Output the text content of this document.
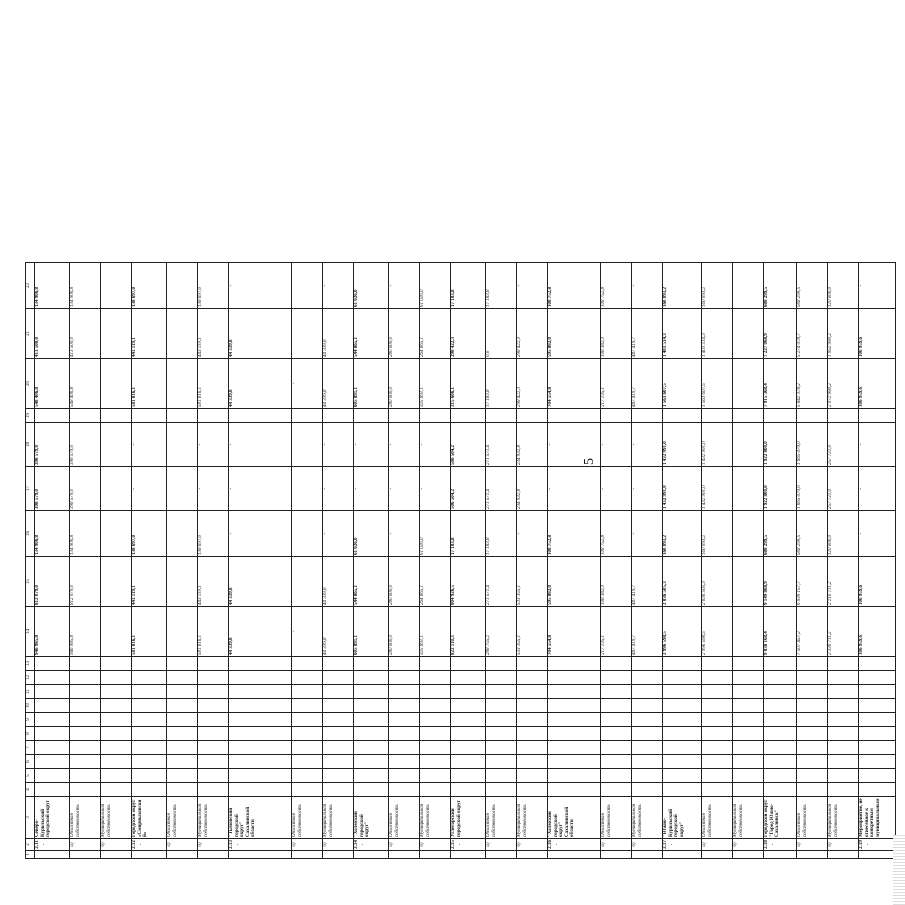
5
1	2	3	4	5	6	7	8	9	10	11	12	13	14	15	16	17	18	19	20	21	22
	2.11.	Северо-Курильский городской округ											946 985,8	812 079,0	134 906,8	398 579,0	398 579,0		548 406,8	413 500,0	134 906,8
	а)	Областная собственность											946 985,8	812 079,0	134 906,8	398 579,0	398 579,0		548 406,8	413 500,0	134 906,8
	б)	Муниципальная собственность																			
	2.12.	Городской округ «Смирныховский»											581 816,1	443 119,1	138 697,0	-	-		581 816,1	443 119,1	138 697,0
	а)	Областная собственность																			
	б)	Муниципальная собственность											581 816,1	443 119,1	138 697,0	-	-		581 816,1	443 119,1	138 697,0
	2.13.	"Тымовский городской округ" Сахалинской области											44 339,8	44 339,8	-	-	-		44 339,8	44 339,8	-
	а)	Областная собственность											-						-		
	б)	Муниципальная собственность											44 339,8	44 339,8	-	-	-		44 339,8	44 339,8	-
	2.14.	"Холмский городской округ"											605 891,1	544 865,1	61 026,0	-	-		605 891,1	544 865,1	61 026,0
	а)	Областная собственность											280 000,0	280 000,0	-	-	-		280 000,0	280 000,0	-
	б)	Муниципальная собственность											325 891,1	264 865,1	61 026,0	-	-		325 891,1	264 865,1	61 026,0
	2.15.	Углегорский городской округ											822 110,3	804 926,5	17 183,8	506 504,2	506 504,2		315 606,1	298 422,3	17 183,8
	а)	Областная собственность											288 755,2	271 571,4	17 183,8	271 571,4	271 571,4		17 183,8	0,0	17 183,8
	б)	Муниципальная собственность											533 355,1	533 355,1	-	234 932,8	234 932,8		298 422,3	298 422,3	-
	2.16.	"Холмский городской округ" Сахалинской области											704 554,8	595 802,0	108 752,8	-	-		704 554,8	595 802,0	108 752,8
	а)	Областная собственность											217 135,1	108 382,3	108 752,8	-	-		217 135,1	108 382,3	108 752,8
	б)	Муниципальная собственность											487 419,7	487 419,7	-	-	-		487 419,7	487 419,7	-
	2.17.	"Южно-Курильский городской округ"											2 996 598,5	2 836 505,3	160 093,2	1 432 991,0	1 432 991,0		1 563 607,5	1 403 514,3	160 093,2
	а)	Областная собственность											2 996 598,5	2 836 505,3	160 093,2	1 432 991,0	1 432 991,0		1 563 607,5	1 403 514,3	160 093,2
	б)	Муниципальная собственность																			
	2.18.	Городской округ "Город Южно-Сахалинск"											9 838 168,4	9 149 868,9	688 299,5	1 922 800,0	1 922 800,0		7 915 368,4	7 227 068,9	688 299,5
	а)	Областная собственность											7 507 457,2	6 939 157,7	568 299,5	1 665 079,0	1 665 079,0		5 842 378,2	5 274 078,7	568 299,5
	б)	Муниципальная собственность											2 330 711,2	2 210 711,2	120 000,0	257 721,0	257 721,0		2 072 990,2	1 952 990,2	120 000,0
	2.19.	Мероприятие, не отнесенное к конкретным муниципальным											106 959,6	106 959,6	-	-	-		106 959,6	106 959,6	-
